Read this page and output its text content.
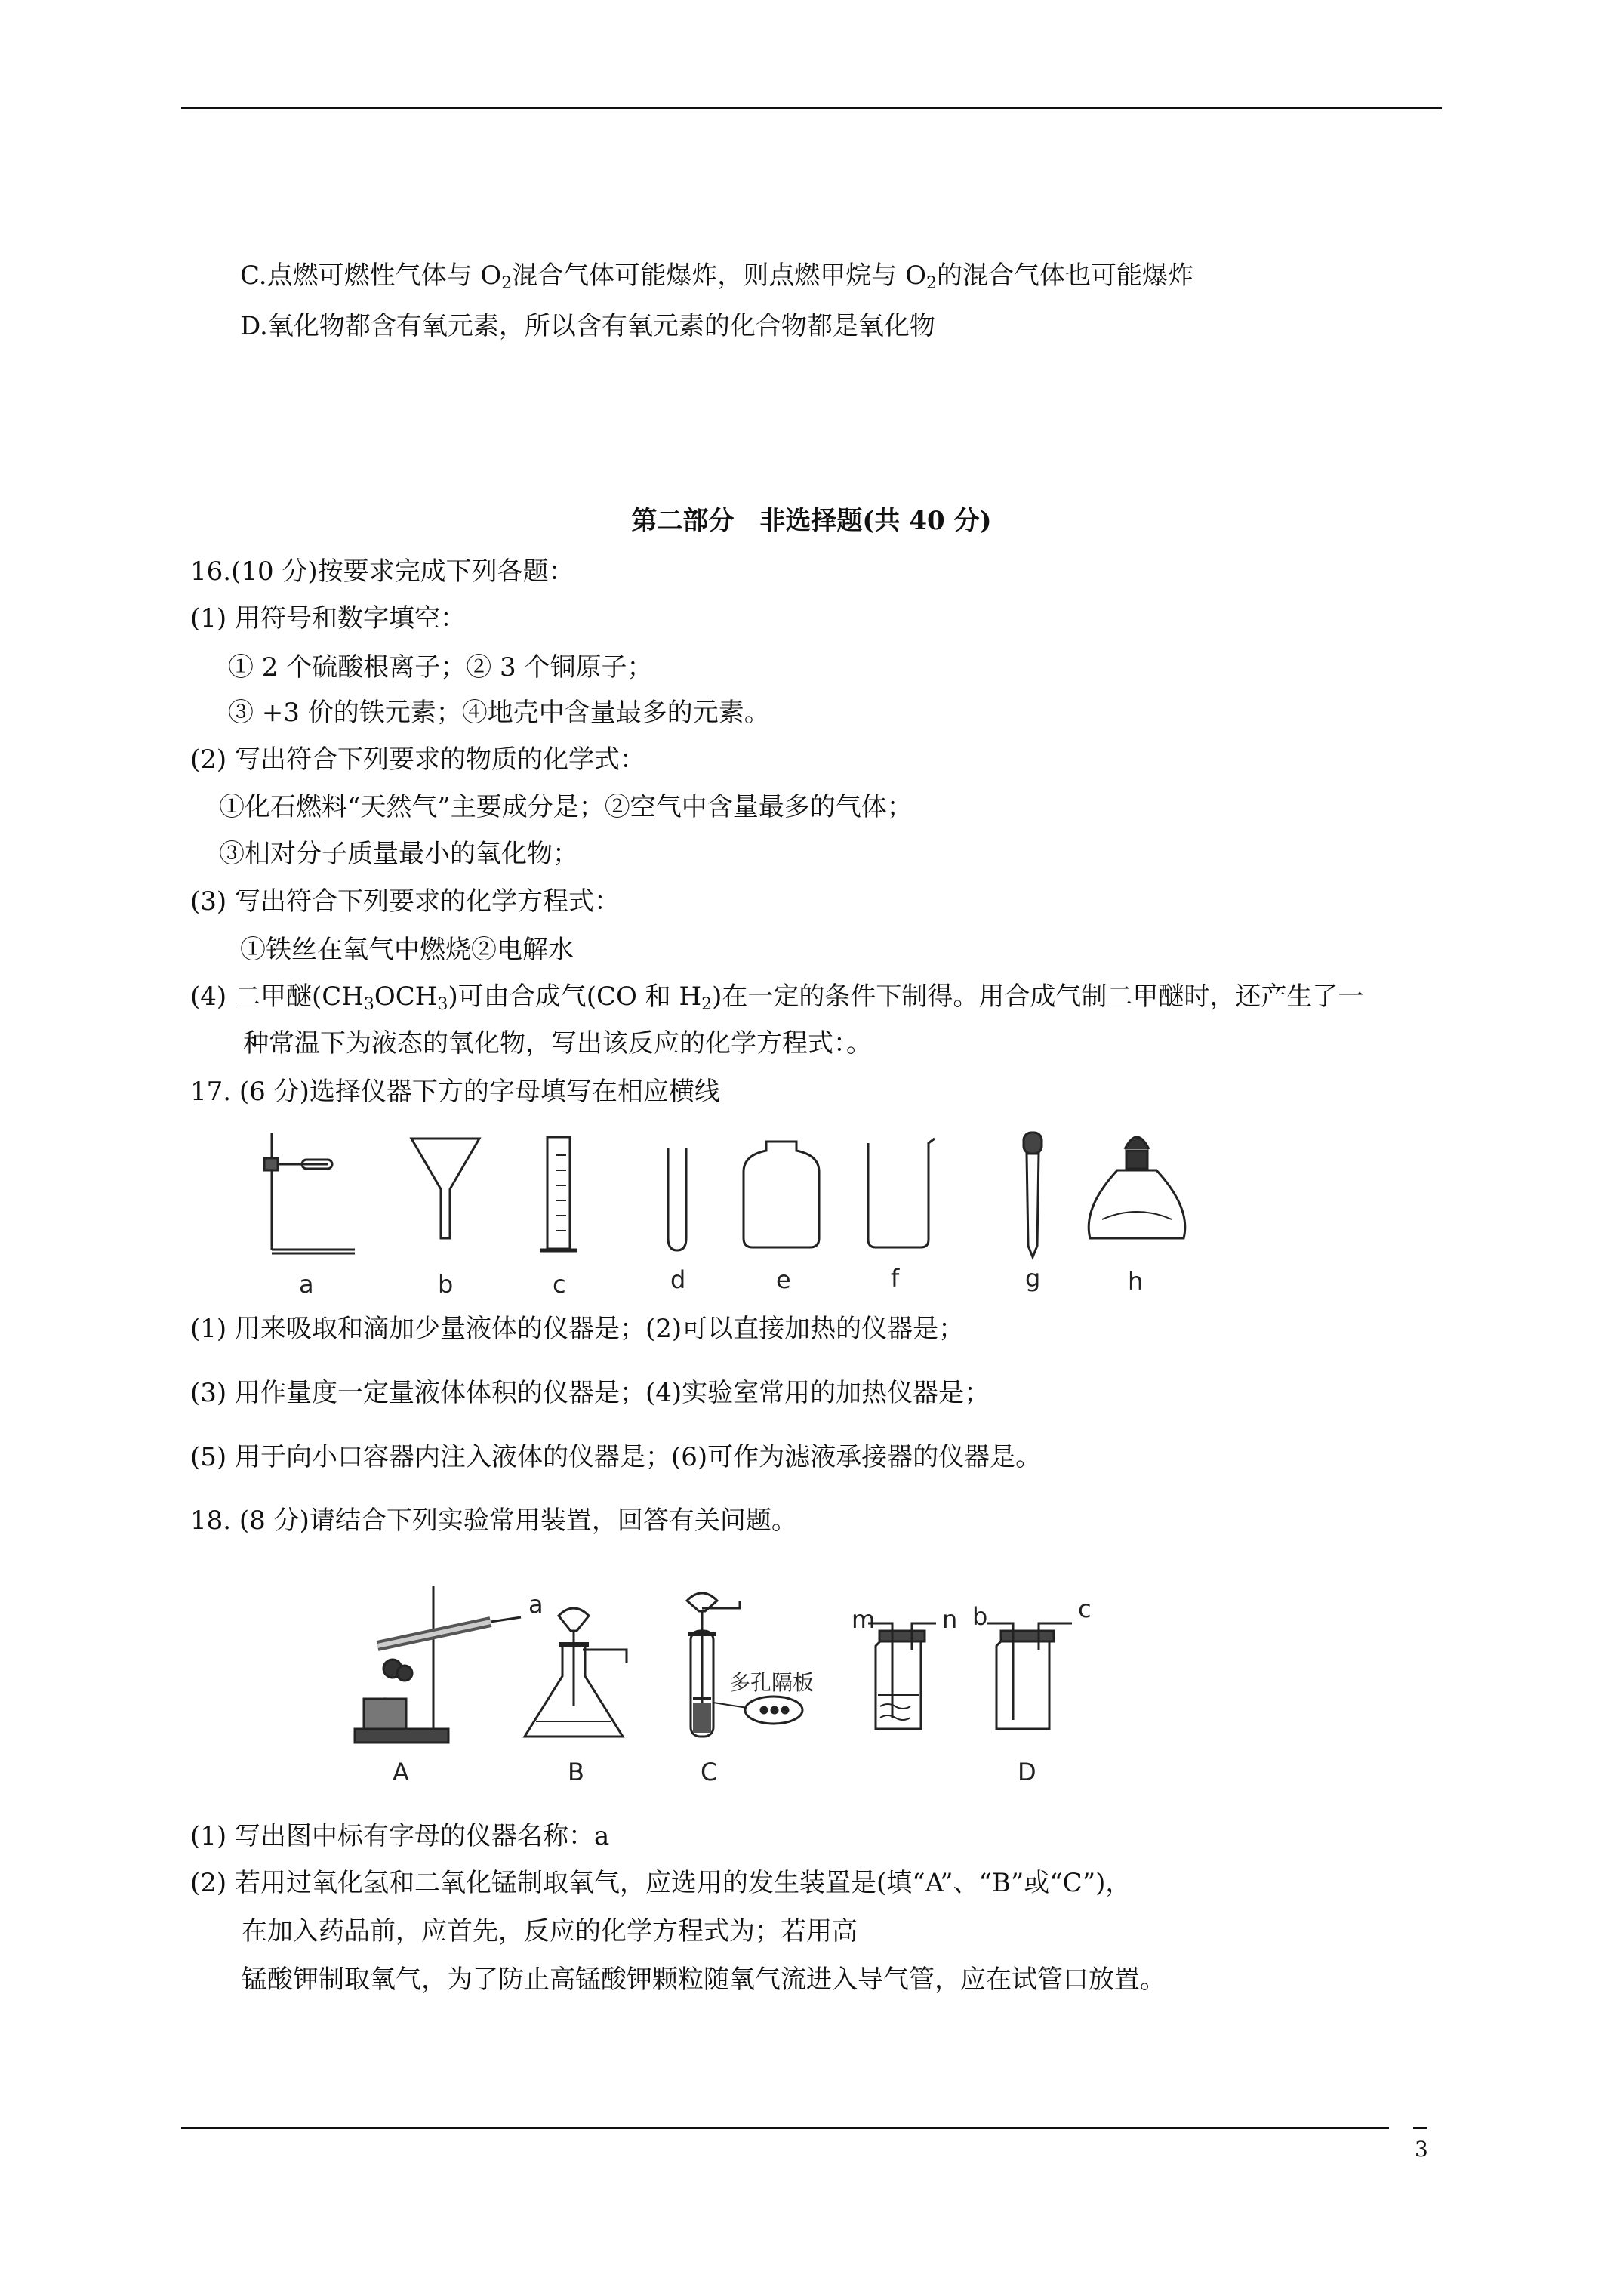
C.点燃可燃性气体与 $O_2$混合气体可能爆炸，则点燃甲烷与 $O_2$的混合气体也可能爆炸
D.氧化物都含有氧元素，所以含有氧元素的化合物都是氧化物
第二部分　非选择题(共 40 分)
16.(10 分)按要求完成下列各题：
(1) 用符号和数字填空：
① 2 个硫酸根离子；② 3 个铜原子；
③ +3 价的铁元素；④地壳中含量最多的元素。
(2) 写出符合下列要求的物质的化学式：
①化石燃料“天然气”主要成分是；②空气中含量最多的气体；
③相对分子质量最小的氧化物；
(3) 写出符合下列要求的化学方程式：
①铁丝在氧气中燃烧②电解水
(4) 二甲醚$(CH_3OCH_3)$可由合成气(CO 和 $H_2$)在一定的条件下制得。用合成气制二甲醚时，还产生了一
种常温下为液态的氧化物，写出该反应的化学方程式：。
17. (6 分)选择仪器下方的字母填写在相应横线
a	b	c	d	e	f	g	h
(1) 用来吸取和滴加少量液体的仪器是；(2)可以直接加热的仪器是；
(3) 用作量度一定量液体体积的仪器是；(4)实验室常用的加热仪器是；
(5) 用于向小口容器内注入液体的仪器是；(6)可作为滤液承接器的仪器是。
18. (8 分)请结合下列实验常用装置，回答有关问题。
A	B	C	D
a
m	n b	c
多孔隔板
(1) 写出图中标有字母的仪器名称：a
(2) 若用过氧化氢和二氧化锰制取氧气，应选用的发生装置是(填“A”、“B”或“C”)，
在加入药品前，应首先，反应的化学方程式为；若用高
锰酸钾制取氧气，为了防止高锰酸钾颗粒随氧气流进入导气管，应在试管口放置。
3
